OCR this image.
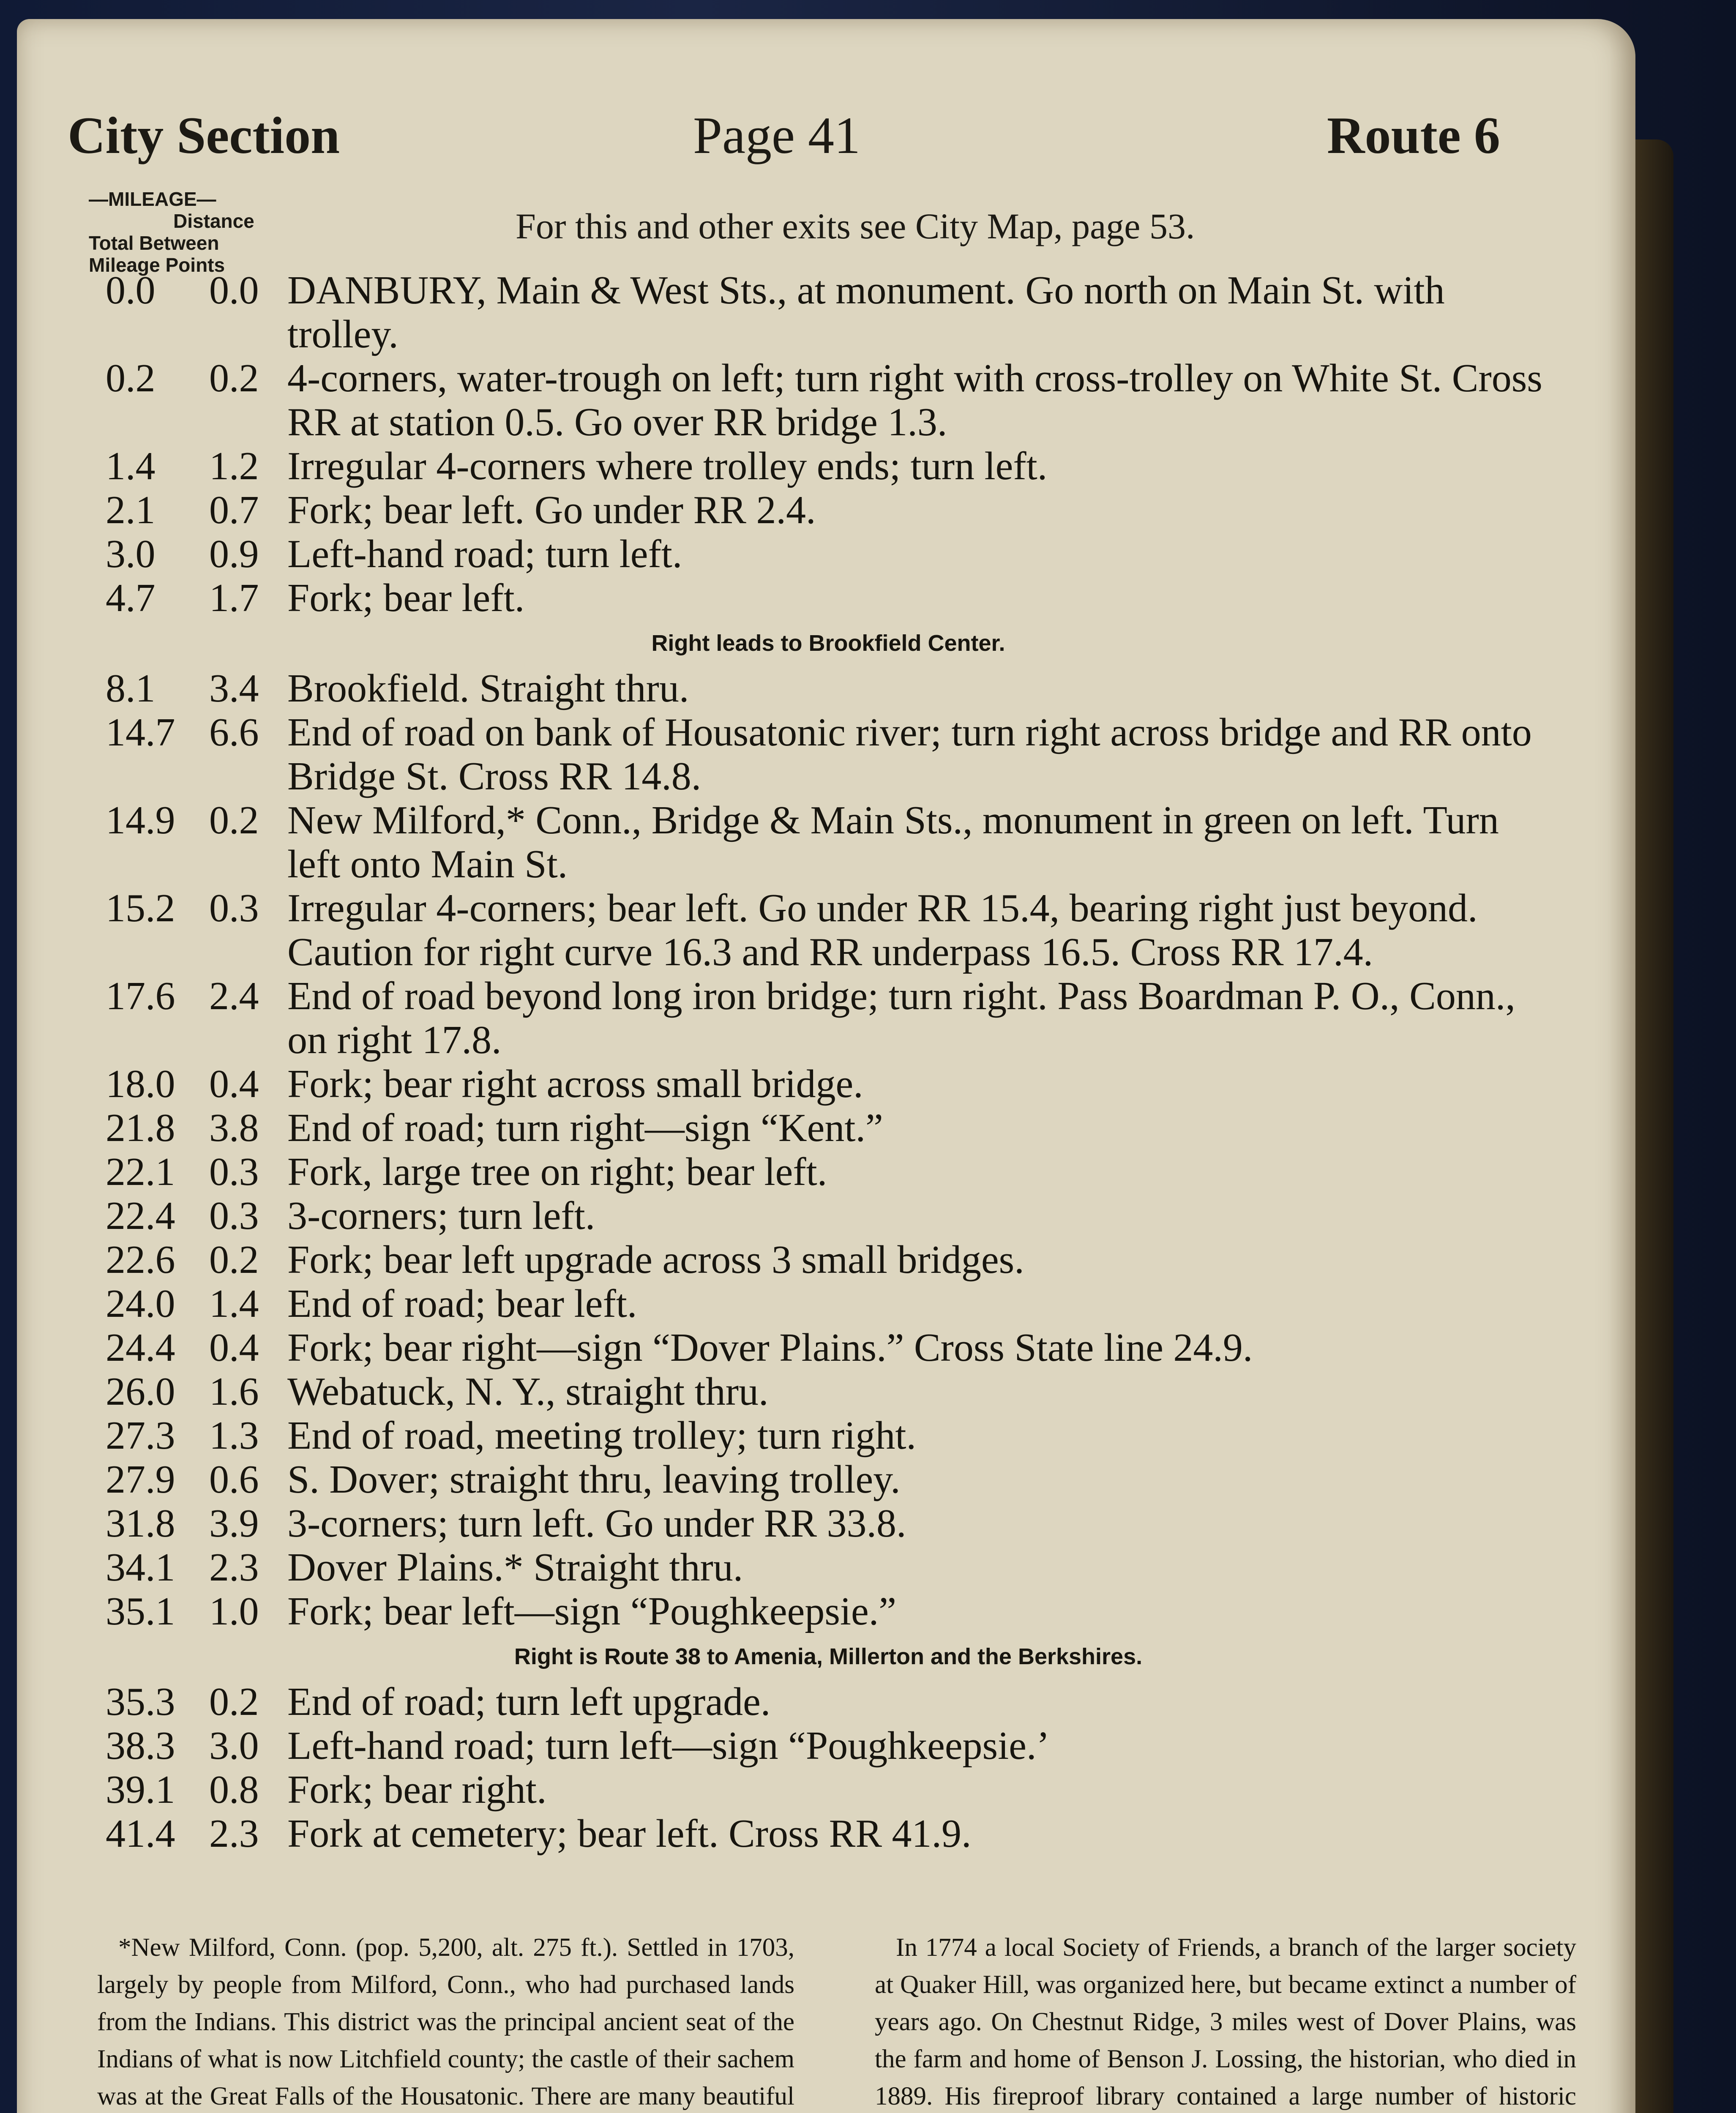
City Section	Page 41	Route 6
—MILEAGE—
Distance
Total Between
Mileage Points
For this and other exits see City Map, page 53.
0.0 0.0 DANBURY, Main & West Sts., at monument. Go north on Main St. with trolley.
0.2 0.2 4-corners, water-trough on left; turn right with cross-trolley on White St. Cross RR at station 0.5. Go over RR bridge 1.3.
1.4 1.2 Irregular 4-corners where trolley ends; turn left.
2.1 0.7 Fork; bear left. Go under RR 2.4.
3.0 0.9 Left-hand road; turn left.
4.7 1.7 Fork; bear left.
Right leads to Brookfield Center.
8.1 3.4 Brookfield. Straight thru.
14.7 6.6 End of road on bank of Housatonic river; turn right across bridge and RR onto Bridge St. Cross RR 14.8.
14.9 0.2 New Milford,* Conn., Bridge & Main Sts., monument in green on left. Turn left onto Main St.
15.2 0.3 Irregular 4-corners; bear left. Go under RR 15.4, bearing right just beyond. Caution for right curve 16.3 and RR underpass 16.5. Cross RR 17.4.
17.6 2.4 End of road beyond long iron bridge; turn right. Pass Boardman P. O., Conn., on right 17.8.
18.0 0.4 Fork; bear right across small bridge.
21.8 3.8 End of road; turn right—sign “Kent.”
22.1 0.3 Fork, large tree on right; bear left.
22.4 0.3 3-corners; turn left.
22.6 0.2 Fork; bear left upgrade across 3 small bridges.
24.0 1.4 End of road; bear left.
24.4 0.4 Fork; bear right—sign “Dover Plains.” Cross State line 24.9.
26.0 1.6 Webatuck, N. Y., straight thru.
27.3 1.3 End of road, meeting trolley; turn right.
27.9 0.6 S. Dover; straight thru, leaving trolley.
31.8 3.9 3-corners; turn left. Go under RR 33.8.
34.1 2.3 Dover Plains.* Straight thru.
35.1 1.0 Fork; bear left—sign “Poughkeepsie.”
Right is Route 38 to Amenia, Millerton and the Berkshires.
35.3 0.2 End of road; turn left upgrade.
38.3 3.0 Left-hand road; turn left—sign “Poughkeepsie.’
39.1 0.8 Fork; bear right.
41.4 2.3 Fork at cemetery; bear left. Cross RR 41.9.

*New Milford, Conn. (pop. 5,200, alt. 275 ft.). Settled in 1703, largely by people from Milford, Conn., who had purchased lands from the Indians. This district was the principal ancient seat of the Indians of what is now Litchfield county; the castle of their sachem was at the Great Falls of the Housatonic. There are many beautiful

In 1774 a local Society of Friends, a branch of the larger society at Quaker Hill, was organized here, but became extinct a number of years ago. On Chestnut Ridge, 3 miles west of Dover Plains, was the farm and home of Benson J. Lossing, the historian, who died in 1889. His fireproof library contained a large number of historic
